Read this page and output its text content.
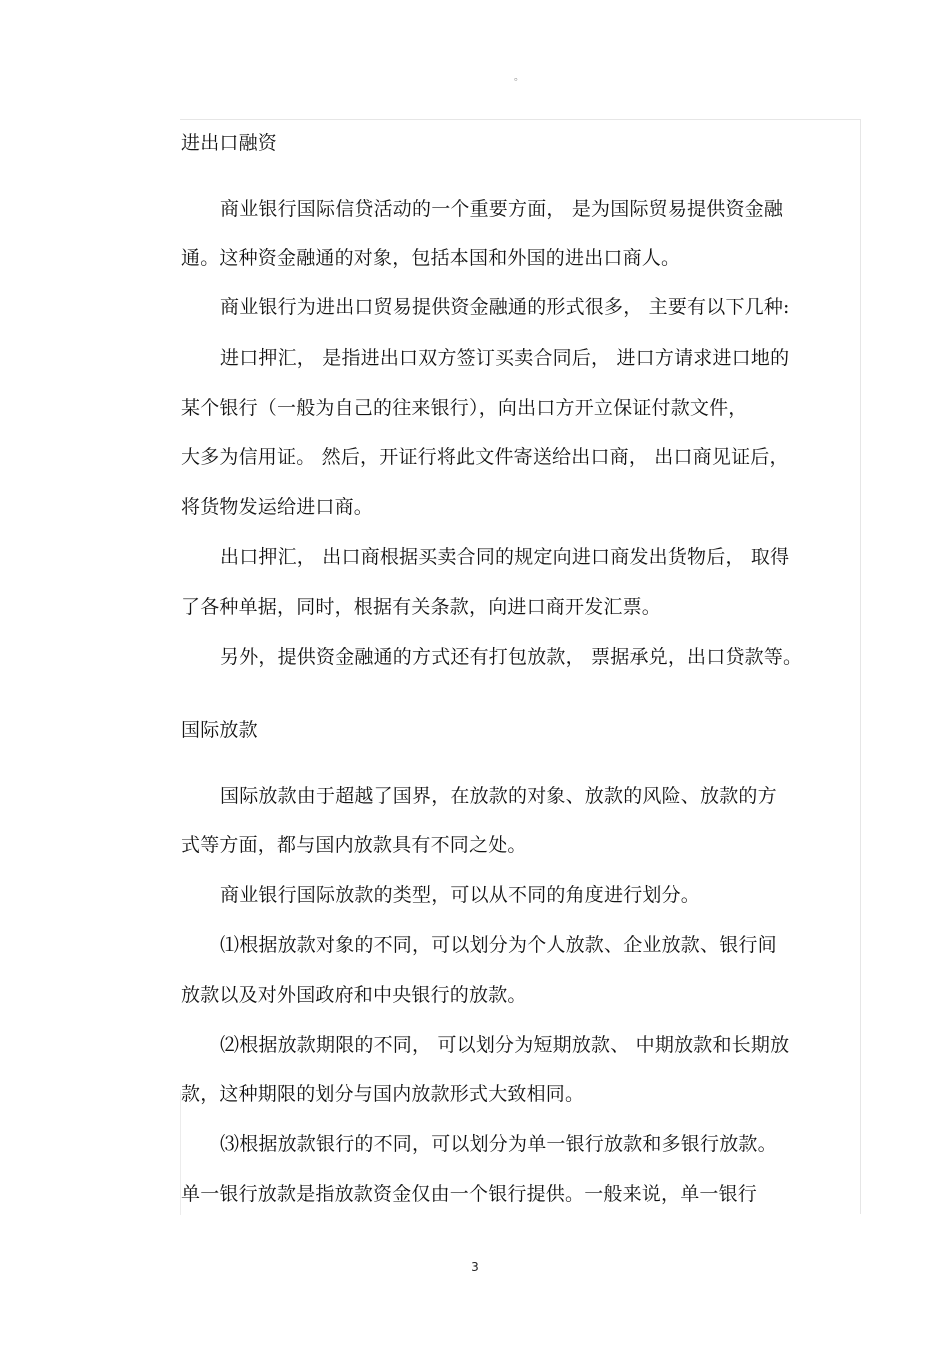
。
进出口融资
商业银行国际信贷活动的一个重要方面， 是为国际贸易提供资金融
通。这种资金融通的对象，包括本国和外国的进出口商人。
商业银行为进出口贸易提供资金融通的形式很多， 主要有以下几种:
进口押汇， 是指进出口双方签订买卖合同后， 进口方请求进口地的
某个银行（一般为自己的往来银行），向出口方开立保证付款文件，
大多为信用证。 然后，开证行将此文件寄送给出口商， 出口商见证后，
将货物发运给进口商。
出口押汇， 出口商根据买卖合同的规定向进口商发出货物后， 取得
了各种单据，同时，根据有关条款，向进口商开发汇票。
另外，提供资金融通的方式还有打包放款， 票据承兑，出口贷款等。
国际放款
国际放款由于超越了国界，在放款的对象、放款的风险、放款的方
式等方面，都与国内放款具有不同之处。
商业银行国际放款的类型，可以从不同的角度进行划分。
⑴根据放款对象的不同，可以划分为个人放款、企业放款、银行间
放款以及对外国政府和中央银行的放款。
⑵根据放款期限的不同， 可以划分为短期放款、 中期放款和长期放
款，这种期限的划分与国内放款形式大致相同。
⑶根据放款银行的不同，可以划分为单一银行放款和多银行放款。
单一银行放款是指放款资金仅由一个银行提供。一般来说，单一银行
3
